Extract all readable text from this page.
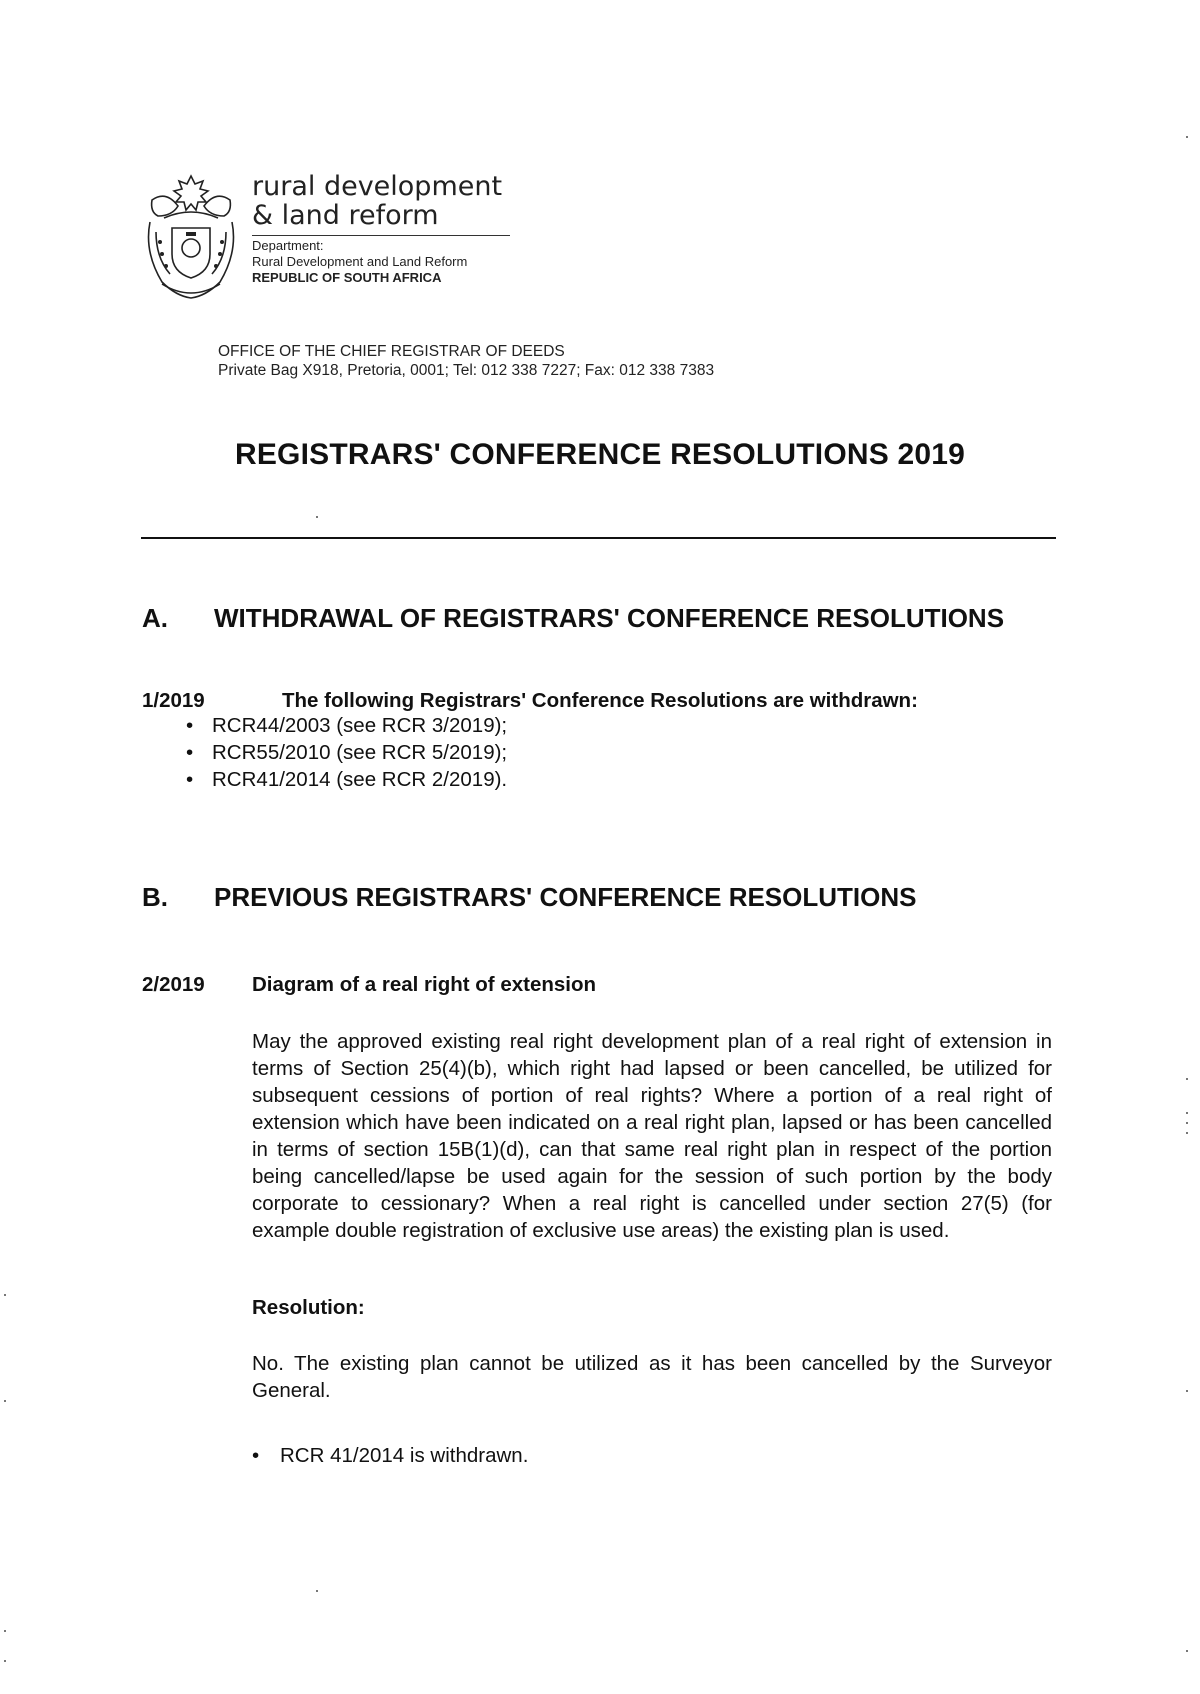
rural development
& land reform
Department:
Rural Development and Land Reform
REPUBLIC OF SOUTH AFRICA
OFFICE OF THE CHIEF REGISTRAR OF DEEDS
Private Bag X918, Pretoria, 0001; Tel: 012 338 7227; Fax: 012 338 7383
REGISTRARS' CONFERENCE RESOLUTIONS 2019
A. WITHDRAWAL OF REGISTRARS' CONFERENCE RESOLUTIONS
1/2019	The following Registrars' Conference Resolutions are withdrawn:
• RCR44/2003 (see RCR 3/2019);
• RCR55/2010 (see RCR 5/2019);
• RCR41/2014 (see RCR 2/2019).
B. PREVIOUS REGISTRARS' CONFERENCE RESOLUTIONS
2/2019 Diagram of a real right of extension
May the approved existing real right development plan of a real right of extension in terms of Section 25(4)(b), which right had lapsed or been cancelled, be utilized for subsequent cessions of portion of real rights? Where a portion of a real right of extension which have been indicated on a real right plan, lapsed or has been cancelled in terms of section 15B(1)(d), can that same real right plan in respect of the portion being cancelled/lapse be used again for the session of such portion by the body corporate to cessionary? When a real right is cancelled under section 27(5) (for example double registration of exclusive use areas) the existing plan is used.
Resolution:
No. The existing plan cannot be utilized as it has been cancelled by the Surveyor General.
• RCR 41/2014 is withdrawn.
